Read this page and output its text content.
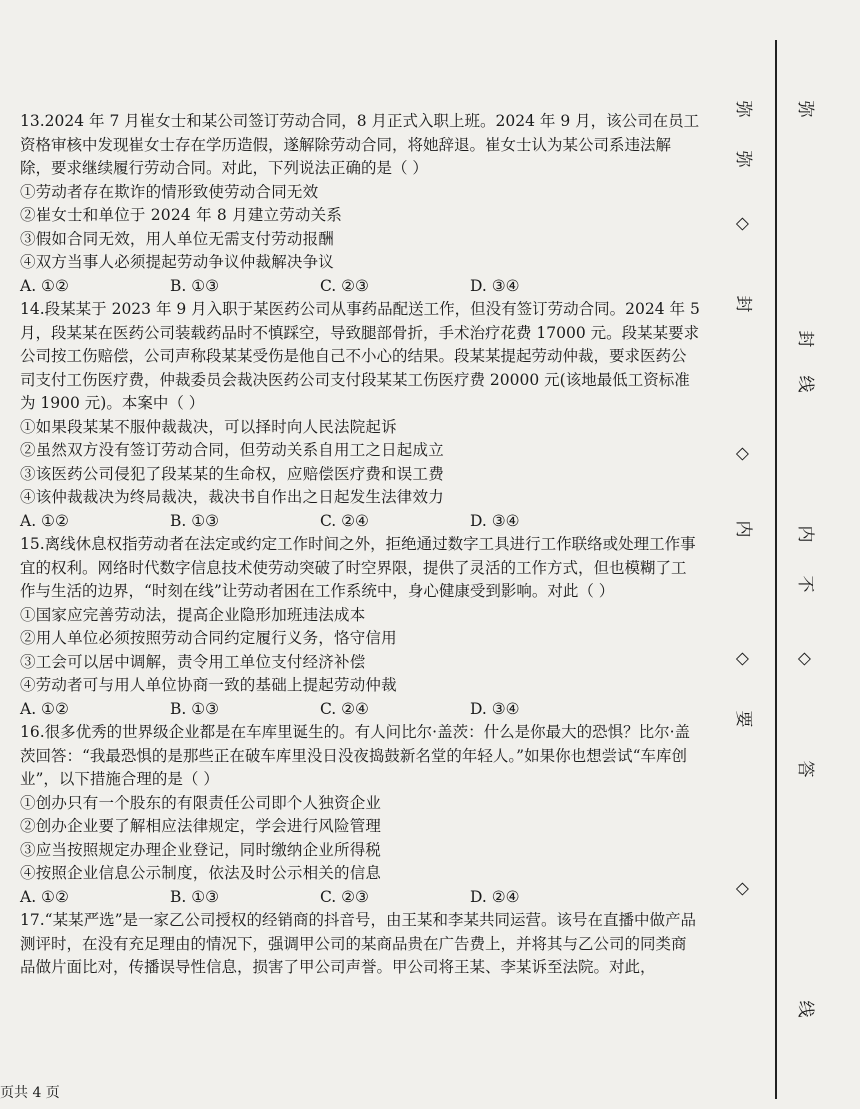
13.2024 年 7 月崔女士和某公司签订劳动合同，8 月正式入职上班。2024 年 9 月，该公司在员工资格审核中发现崔女士存在学历造假，遂解除劳动合同，将她辞退。崔女士认为某公司系违法解除，要求继续履行劳动合同。对此，下列说法正确的是（ ）

①劳动者存在欺诈的情形致使劳动合同无效

②崔女士和单位于 2024 年 8 月建立劳动关系

③假如合同无效，用人单位无需支付劳动报酬

④双方当事人必须提起劳动争议仲裁解决争议

A. ①②	B. ①③	C. ②③	D. ③④

14.段某某于 2023 年 9 月入职于某医药公司从事药品配送工作，但没有签订劳动合同。2024 年 5 月，段某某在医药公司装载药品时不慎踩空，导致腿部骨折，手术治疗花费 17000 元。段某某要求公司按工伤赔偿，公司声称段某某受伤是他自己不小心的结果。段某某提起劳动仲裁，要求医药公司支付工伤医疗费，仲裁委员会裁决医药公司支付段某某工伤医疗费 20000 元(该地最低工资标准为 1900 元)。本案中（ ）

①如果段某某不服仲裁裁决，可以择时向人民法院起诉

②虽然双方没有签订劳动合同，但劳动关系自用工之日起成立

③该医药公司侵犯了段某某的生命权，应赔偿医疗费和误工费

④该仲裁裁决为终局裁决，裁决书自作出之日起发生法律效力

A. ①②	B. ①③	C. ②④	D. ③④

15.离线休息权指劳动者在法定或约定工作时间之外，拒绝通过数字工具进行工作联络或处理工作事宜的权利。网络时代数字信息技术使劳动突破了时空界限，提供了灵活的工作方式，但也模糊了工作与生活的边界，“时刻在线”让劳动者困在工作系统中，身心健康受到影响。对此（ ）

①国家应完善劳动法，提高企业隐形加班违法成本

②用人单位必须按照劳动合同约定履行义务，恪守信用

③工会可以居中调解，责令用工单位支付经济补偿

④劳动者可与用人单位协商一致的基础上提起劳动仲裁

A. ①②	B. ①③	C. ②④	D. ③④

16.很多优秀的世界级企业都是在车库里诞生的。有人问比尔·盖茨：什么是你最大的恐惧？比尔·盖茨回答：“我最恐惧的是那些正在破车库里没日没夜捣鼓新名堂的年轻人。”如果你也想尝试“车库创业”，以下措施合理的是（ ）

①创办只有一个股东的有限责任公司即个人独资企业

②创办企业要了解相应法律规定，学会进行风险管理

③应当按照规定办理企业登记，同时缴纳企业所得税

④按照企业信息公示制度，依法及时公示相关的信息

A. ①②	B. ①③	C. ②③	D. ②④

17.“某某严选”是一家乙公司授权的经销商的抖音号，由王某和李某共同运营。该号在直播中做产品测评时，在没有充足理由的情况下，强调甲公司的某商品贵在广告费上，并将其与乙公司的同类商品做片面比对，传播误导性信息，损害了甲公司声誉。甲公司将王某、李某诉至法院。对此，

弥
弥
◇
封
◇
内
◇
要
◇
弥
封
线
内
不
◇
答
线
页共 4 页
